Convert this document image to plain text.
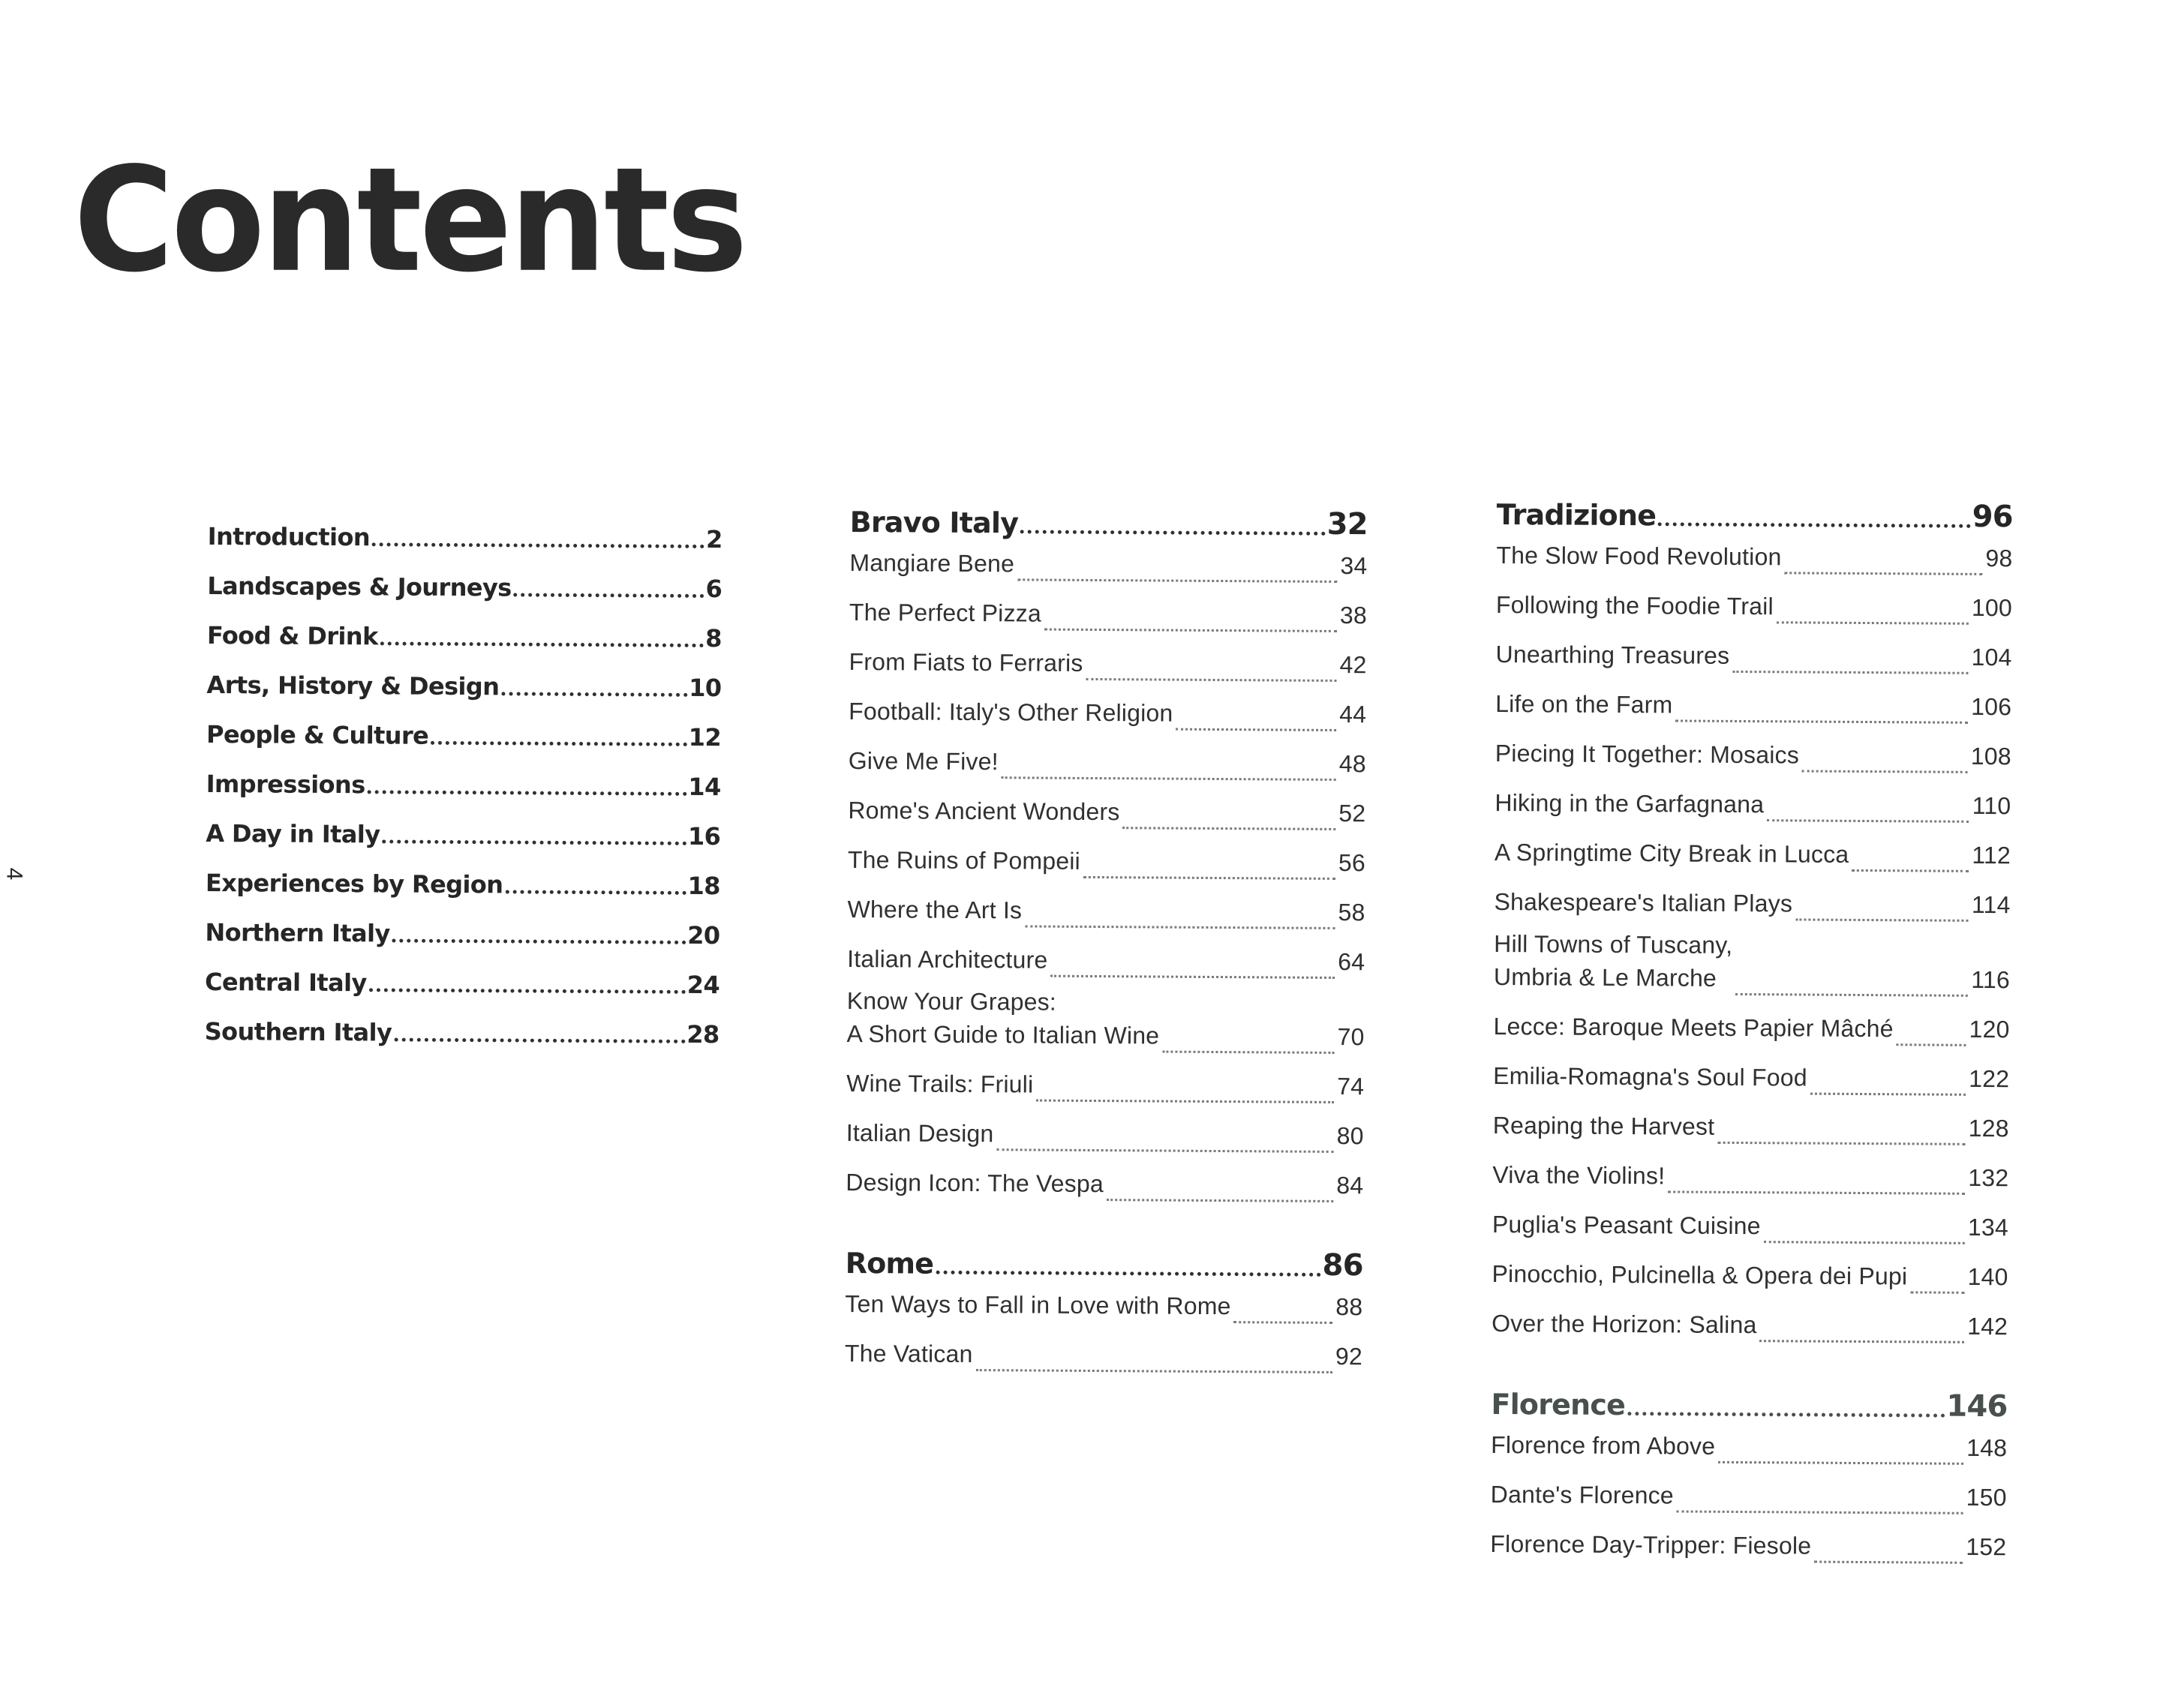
Contents
4
Introduction	2
Landscapes & Journeys	6
Food & Drink	8
Arts, History & Design	10
People & Culture	12
Impressions	14
A Day in Italy	16
Experiences by Region	18
Northern Italy	20
Central Italy	24
Southern Italy	28
Bravo Italy	32
Mangiare Bene	34
The Perfect Pizza	38
From Fiats to Ferraris	42
Football: Italy's Other Religion	44
Give Me Five!	48
Rome's Ancient Wonders	52
The Ruins of Pompeii	56
Where the Art Is	58
Italian Architecture	64
Know Your Grapes:
A Short Guide to Italian Wine	70
Wine Trails: Friuli	74
Italian Design	80
Design Icon: The Vespa	84
Rome	86
Ten Ways to Fall in Love with Rome	88
The Vatican	92
Tradizione	96
The Slow Food Revolution	98
Following the Foodie Trail	100
Unearthing Treasures	104
Life on the Farm	106
Piecing It Together: Mosaics	108
Hiking in the Garfagnana	110
A Springtime City Break in Lucca	112
Shakespeare's Italian Plays	114
Hill Towns of Tuscany,
Umbria & Le Marche	116
Lecce: Baroque Meets Papier Mâché	120
Emilia-Romagna's Soul Food	122
Reaping the Harvest	128
Viva the Violins!	132
Puglia's Peasant Cuisine	134
Pinocchio, Pulcinella & Opera dei Pupi	140
Over the Horizon: Salina	142
Florence	146
Florence from Above	148
Dante's Florence	150
Florence Day-Tripper: Fiesole	152
